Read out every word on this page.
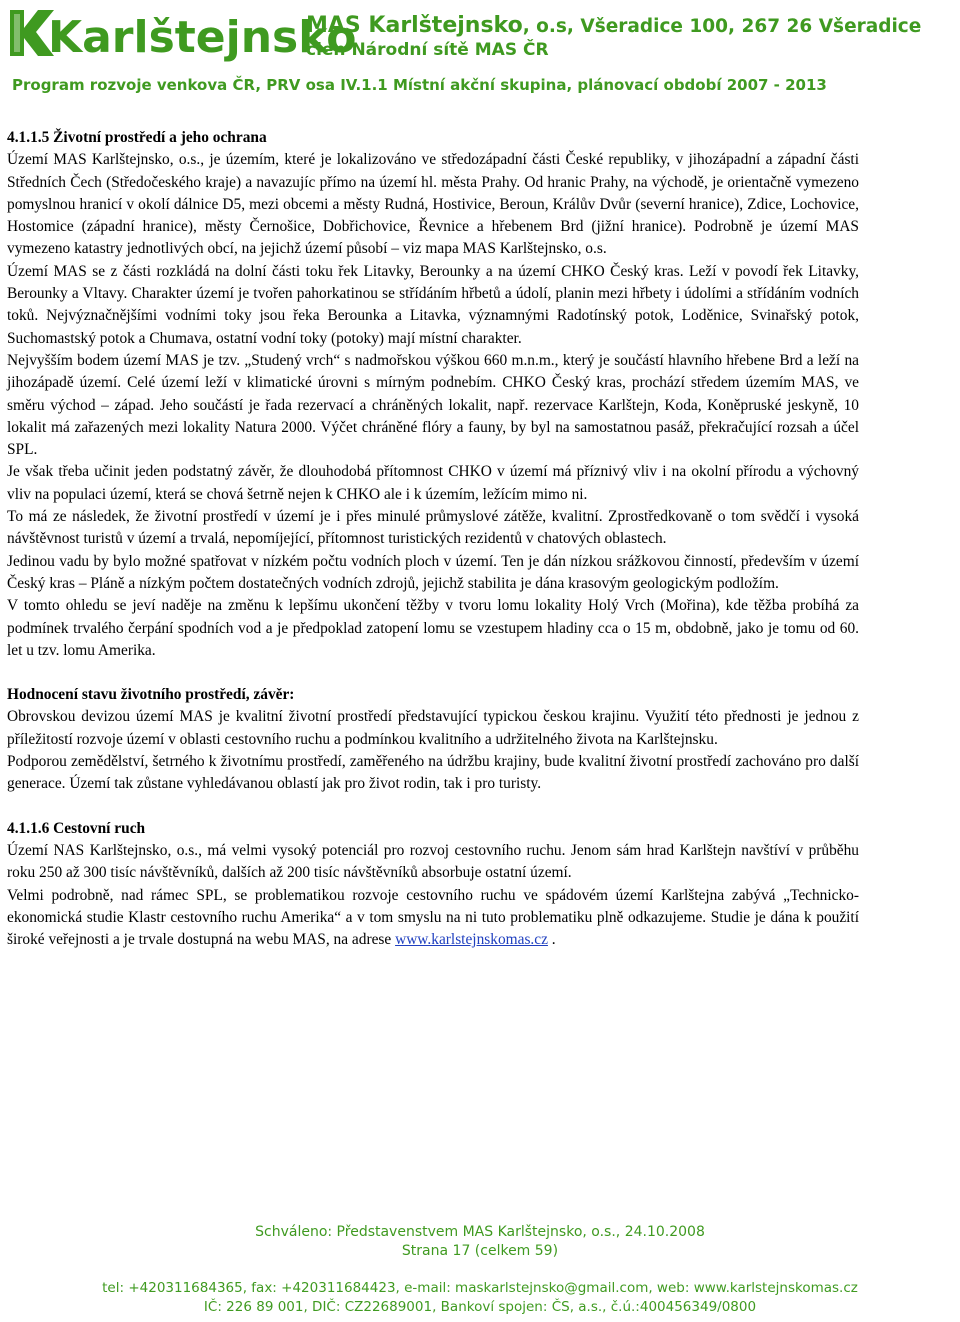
Karlštejnsko
MAS Karlštejnsko, o.s, Všeradice 100, 267 26 Všeradice
člen Národní sítě MAS ČR
Program rozvoje venkova ČR, PRV osa IV.1.1 Místní akční skupina, plánovací období 2007 - 2013
4.1.1.5 Životní prostředí a jeho ochrana

Území MAS Karlštejnsko, o.s., je územím, které je lokalizováno ve středozápadní části České republiky, v jihozápadní a západní části Středních Čech (Středočeského kraje) a navazujíc přímo na území hl. města Prahy. Od hranic Prahy, na východě, je orientačně vymezeno pomyslnou hranicí v okolí dálnice D5, mezi obcemi a městy Rudná, Hostivice, Beroun, Králův Dvůr (severní hranice), Zdice, Lochovice, Hostomice (západní hranice), městy Černošice, Dobřichovice, Řevnice a hřebenem Brd (jižní hranice). Podrobně je území MAS vymezeno katastry jednotlivých obcí, na jejichž území působí – viz mapa MAS Karlštejnsko, o.s.

Území MAS se z části rozkládá na dolní části toku řek Litavky, Berounky a na území CHKO Český kras. Leží v povodí řek Litavky, Berounky a Vltavy. Charakter území je tvořen pahorkatinou se střídáním hřbetů a údolí, planin mezi hřbety i údolími a střídáním vodních toků. Nejvýznačnějšími vodními toky jsou řeka Berounka a Litavka, významnými Radotínský potok, Loděnice, Svinařský potok, Suchomastský potok a Chumava, ostatní vodní toky (potoky) mají místní charakter.

Nejvyšším bodem území MAS je tzv. „Studený vrch“ s nadmořskou výškou 660 m.n.m., který je součástí hlavního hřebene Brd a leží na jihozápadě území. Celé území leží v klimatické úrovni s mírným podnebím. CHKO Český kras, prochází středem územím MAS, ve směru východ – západ. Jeho součástí je řada rezervací a chráněných lokalit, např. rezervace Karlštejn, Koda, Koněpruské jeskyně, 10 lokalit má zařazených mezi lokality Natura 2000. Výčet chráněné flóry a fauny, by byl na samostatnou pasáž, překračující rozsah a účel SPL.

Je však třeba učinit jeden podstatný závěr, že dlouhodobá přítomnost CHKO v území má příznivý vliv i na okolní přírodu a výchovný vliv na populaci území, která se chová šetrně nejen k CHKO ale i k územím, ležícím mimo ni.

To má ze následek, že životní prostředí v území je i přes minulé průmyslové zátěže, kvalitní. Zprostředkovaně o tom svědčí i vysoká návštěvnost turistů v území a trvalá, nepomíjející, přítomnost turistických rezidentů v chatových oblastech.

Jedinou vadu by bylo možné spatřovat v nízkém počtu vodních ploch v území. Ten je dán nízkou srážkovou činností, především v území Český kras – Pláně a nízkým počtem dostatečných vodních zdrojů, jejichž stabilita je dána krasovým geologickým podložím.

V tomto ohledu se jeví naděje na změnu k lepšímu ukončení těžby v tvoru lomu lokality Holý Vrch (Mořina), kde těžba probíhá za podmínek trvalého čerpání spodních vod a je předpoklad zatopení lomu se vzestupem hladiny cca o 15 m, obdobně, jako je tomu od 60. let u tzv. lomu Amerika.

Hodnocení stavu životního prostředí, závěr:

Obrovskou devizou území MAS je kvalitní životní prostředí představující typickou českou krajinu. Využití této přednosti je jednou z příležitostí rozvoje území v oblasti cestovního ruchu a podmínkou kvalitního a udržitelného života na Karlštejnsku.

Podporou zemědělství, šetrného k životnímu prostředí, zaměřeného na údržbu krajiny, bude kvalitní životní prostředí zachováno pro další generace. Území tak zůstane vyhledávanou oblastí jak pro život rodin, tak i pro turisty.

4.1.1.6 Cestovní ruch

Území NAS Karlštejnsko, o.s., má velmi vysoký potenciál pro rozvoj cestovního ruchu. Jenom sám hrad Karlštejn navštíví v průběhu roku 250 až 300 tisíc návštěvníků, dalších až 200 tisíc návštěvníků absorbuje ostatní území.

Velmi podrobně, nad rámec SPL, se problematikou rozvoje cestovního ruchu ve spádovém území Karlštejna zabývá „Technicko-ekonomická studie Klastr cestovního ruchu Amerika“ a v tom smyslu na ni tuto problematiku plně odkazujeme. Studie je dána k použití široké veřejnosti a je trvale dostupná na webu MAS, na adrese www.karlstejnskomas.cz .

Schváleno: Představenstvem MAS Karlštejnsko, o.s., 24.10.2008
Strana 17 (celkem 59)
tel: +420311684365, fax: +420311684423, e-mail: maskarlstejnsko@gmail.com, web: www.karlstejnskomas.cz
IČ: 226 89 001, DIČ: CZ22689001, Bankoví spojen: ČS, a.s., č.ú.:400456349/0800
